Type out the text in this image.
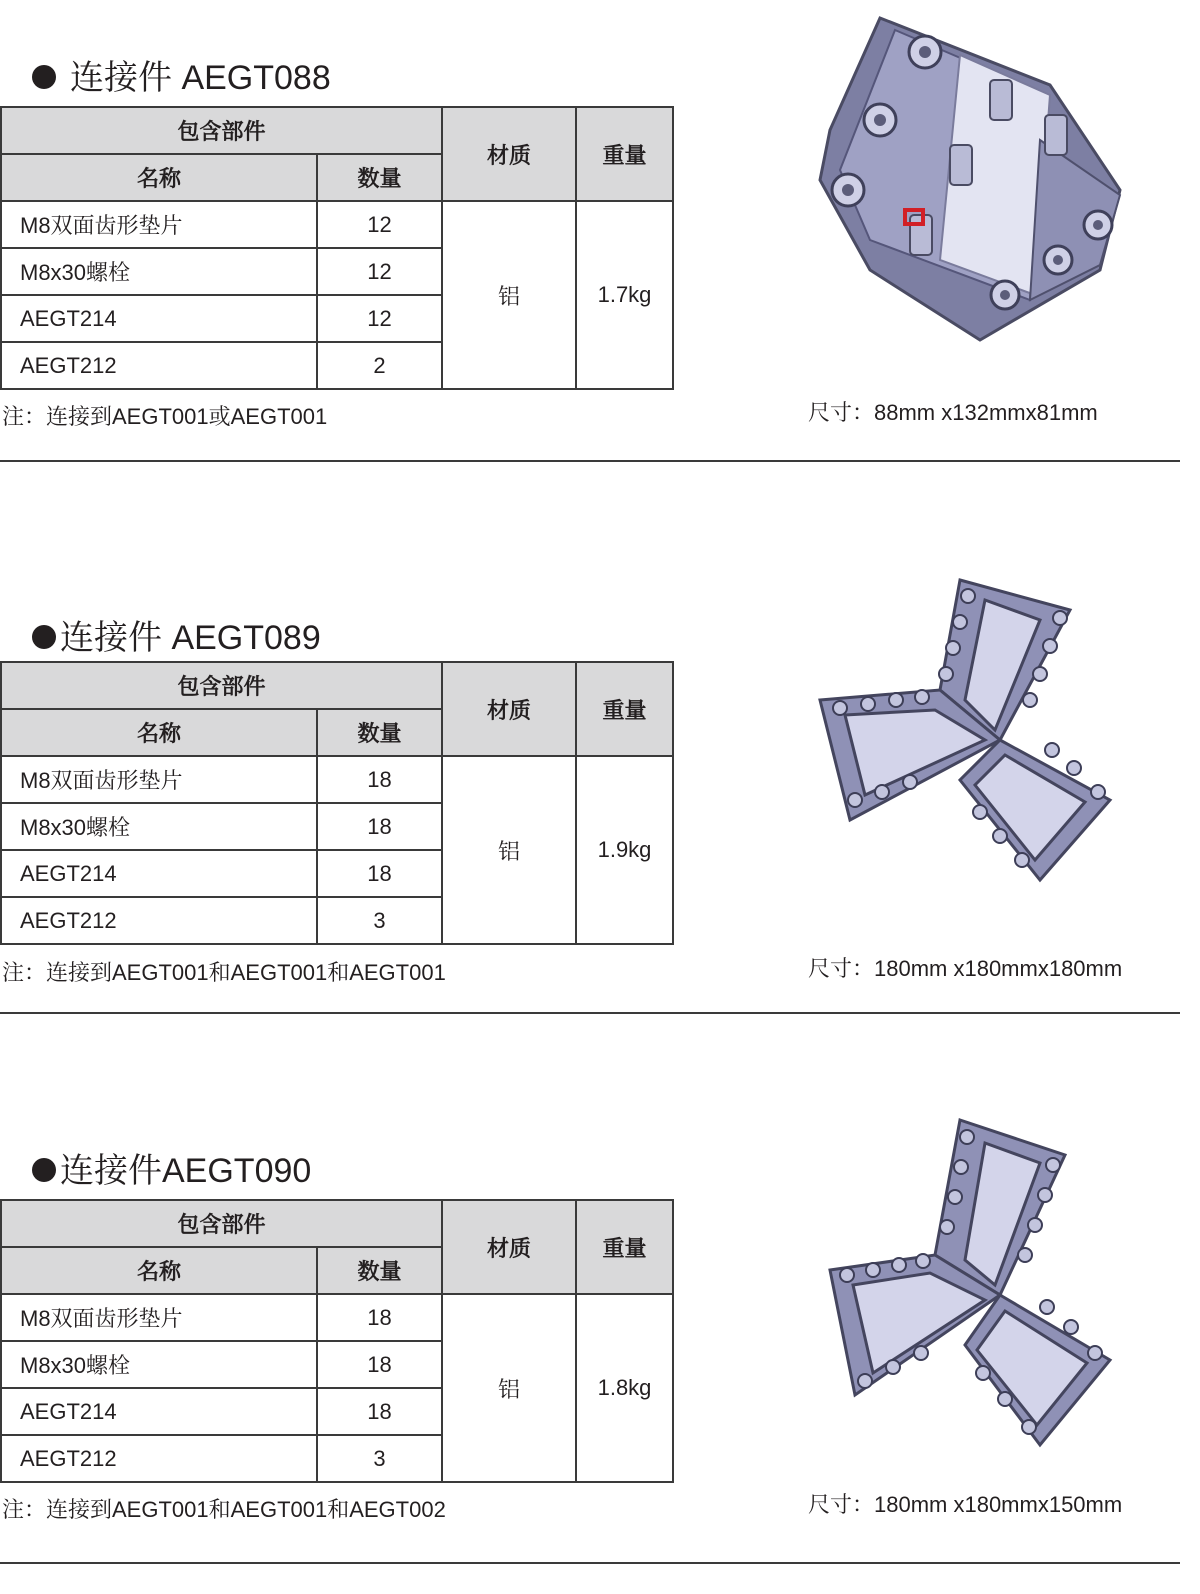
连接件 AEGT088
包含部件		材质	重量
名称	数量		
M8双面齿形垫片	12	铝	1.7kg
M8x30螺栓	12		
AEGT214	12		
AEGT212	2		
注：连接到AEGT001或AEGT001	尺寸：88mm x132mmx81mm
连接件 AEGT089
包含部件		材质	重量
名称	数量		
M8双面齿形垫片	18	铝	1.9kg
M8x30螺栓	18		
AEGT214	18		
AEGT212	3		
注：连接到AEGT001和AEGT001和AEGT001	尺寸：180mm x180mmx180mm
连接件AEGT090
包含部件		材质	重量
名称	数量		
M8双面齿形垫片	18	铝	1.8kg
M8x30螺栓	18		
AEGT214	18		
AEGT212	3		
注：连接到AEGT001和AEGT001和AEGT002	尺寸：180mm x180mmx150mm
